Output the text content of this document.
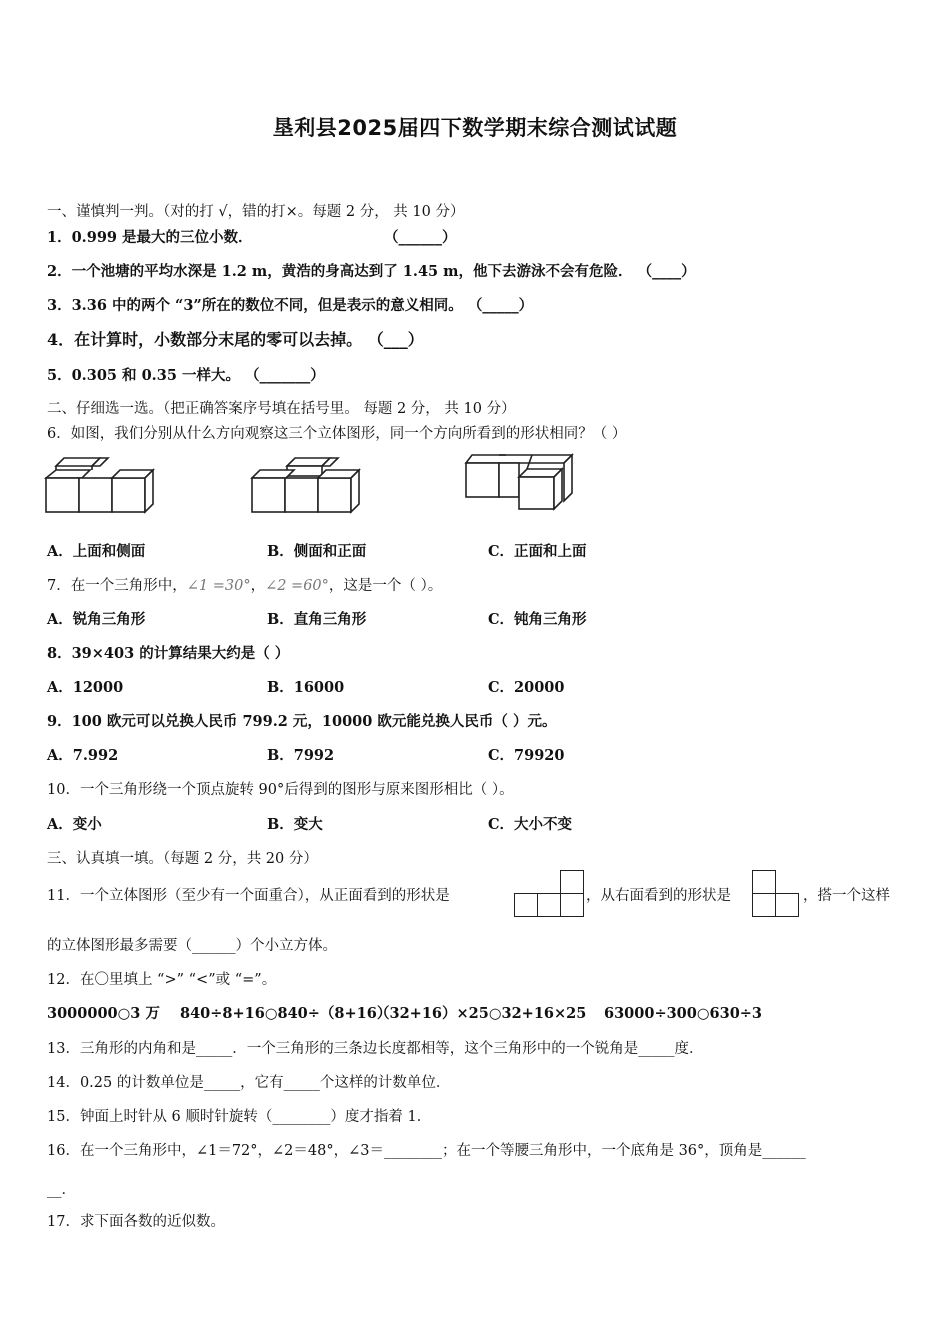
垦利县2025届四下数学期末综合测试试题
一、谨慎判一判。（对的打 √，错的打×。每题 2 分， 共 10 分）
1．0.999 是最大的三位小数．	（______）
2．一个池塘的平均水深是 1.2 m，黄浩的身高达到了 1.45 m，他下去游泳不会有危险． （____）
3．3.36 中的两个 “3”所在的数位不同，但是表示的意义相同。 （_____）
4．在计算时，小数部分末尾的零可以去掉。 （___）
5．0.305 和 0.35 一样大。 （_______）
二、仔细选一选。（把正确答案序号填在括号里。 每题 2 分， 共 10 分）
6．如图，我们分别从什么方向观察这三个立体图形，同一个方向所看到的形状相同？（ ）
A．上面和侧面	B．侧面和正面	C．正面和上面
7．在一个三角形中，∠1 =30°，∠2 =60°，这是一个（ ）。
A．锐角三角形	B．直角三角形	C．钝角三角形
8．39×403 的计算结果大约是（ ）
A．12000	B．16000	C．20000
9．100 欧元可以兑换人民币 799.2 元，10000 欧元能兑换人民币（ ）元。
A．7.992	B．7992	C．79920
10．一个三角形绕一个顶点旋转 90°后得到的图形与原来图形相比（ ）。
A．变小	B．变大	C．大小不变
三、认真填一填。（每题 2 分，共 20 分）
11．一个立体图形（至少有一个面重合），从正面看到的形状是	，从右面看到的形状是	，搭一个这样
的立体图形最多需要（______）个小立方体。
12．在〇里填上 “>” “<”或 “=”。
3000000○3 万 840÷8+16○840÷（8+16）
（32+16）×25○32+16×25 63000÷300○630÷3
13．三角形的内角和是_____．一个三角形的三条边长度都相等，这个三角形中的一个锐角是_____度．
14．0.25 的计数单位是_____，它有_____个这样的计数单位．
15．钟面上时针从 6 顺时针旋转（________）度才指着 1．
16．在一个三角形中，∠1＝72°，∠2＝48°，∠3＝________；在一个等腰三角形中，一个底角是 36°，顶角是______
__．
17．求下面各数的近似数。
